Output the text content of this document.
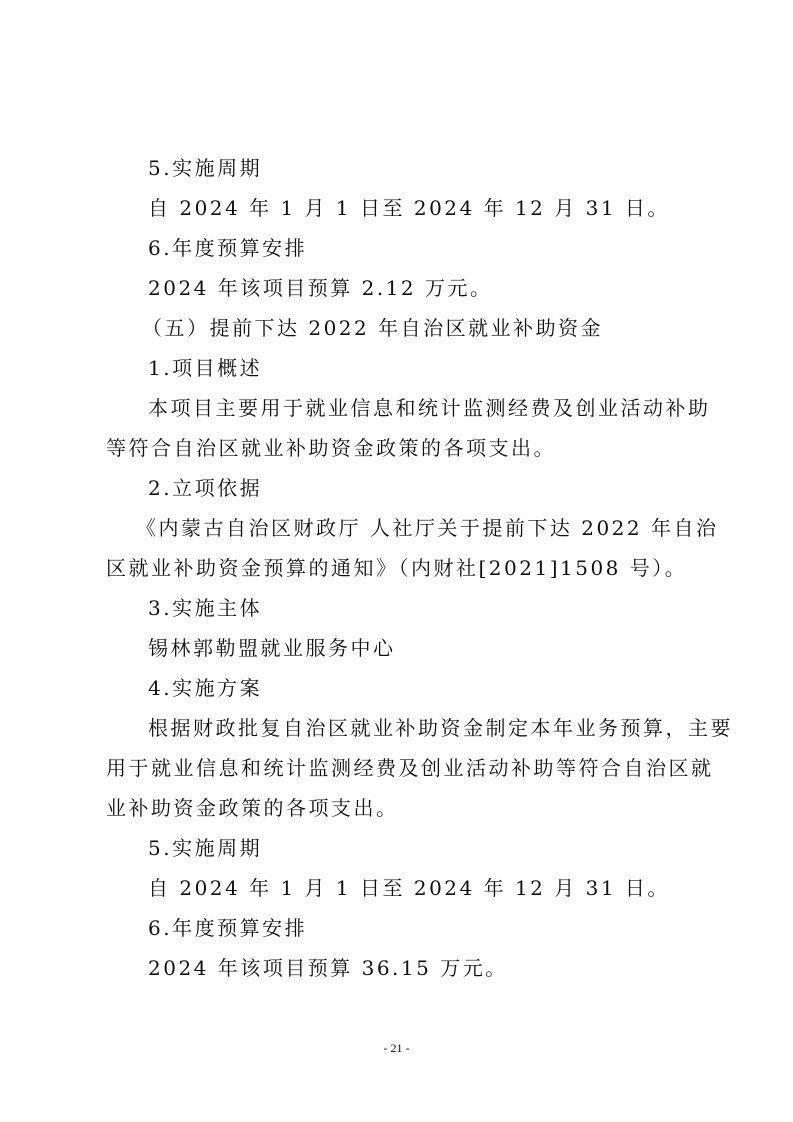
5.实施周期
自 2024 年 1 月 1 日至 2024 年 12 月 31 日。
6.年度预算安排
2024 年该项目预算 2.12 万元。
（五）提前下达 2022 年自治区就业补助资金
1.项目概述
本项目主要用于就业信息和统计监测经费及创业活动补助
等符合自治区就业补助资金政策的各项支出。
2.立项依据
《内蒙古自治区财政厅 人社厅关于提前下达 2022 年自治
区就业补助资金预算的通知》（内财社[2021]1508 号）。
3.实施主体
锡林郭勒盟就业服务中心
4.实施方案
根据财政批复自治区就业补助资金制定本年业务预算，主要
用于就业信息和统计监测经费及创业活动补助等符合自治区就
业补助资金政策的各项支出。
5.实施周期
自 2024 年 1 月 1 日至 2024 年 12 月 31 日。
6.年度预算安排
2024 年该项目预算 36.15 万元。
- 21 -
